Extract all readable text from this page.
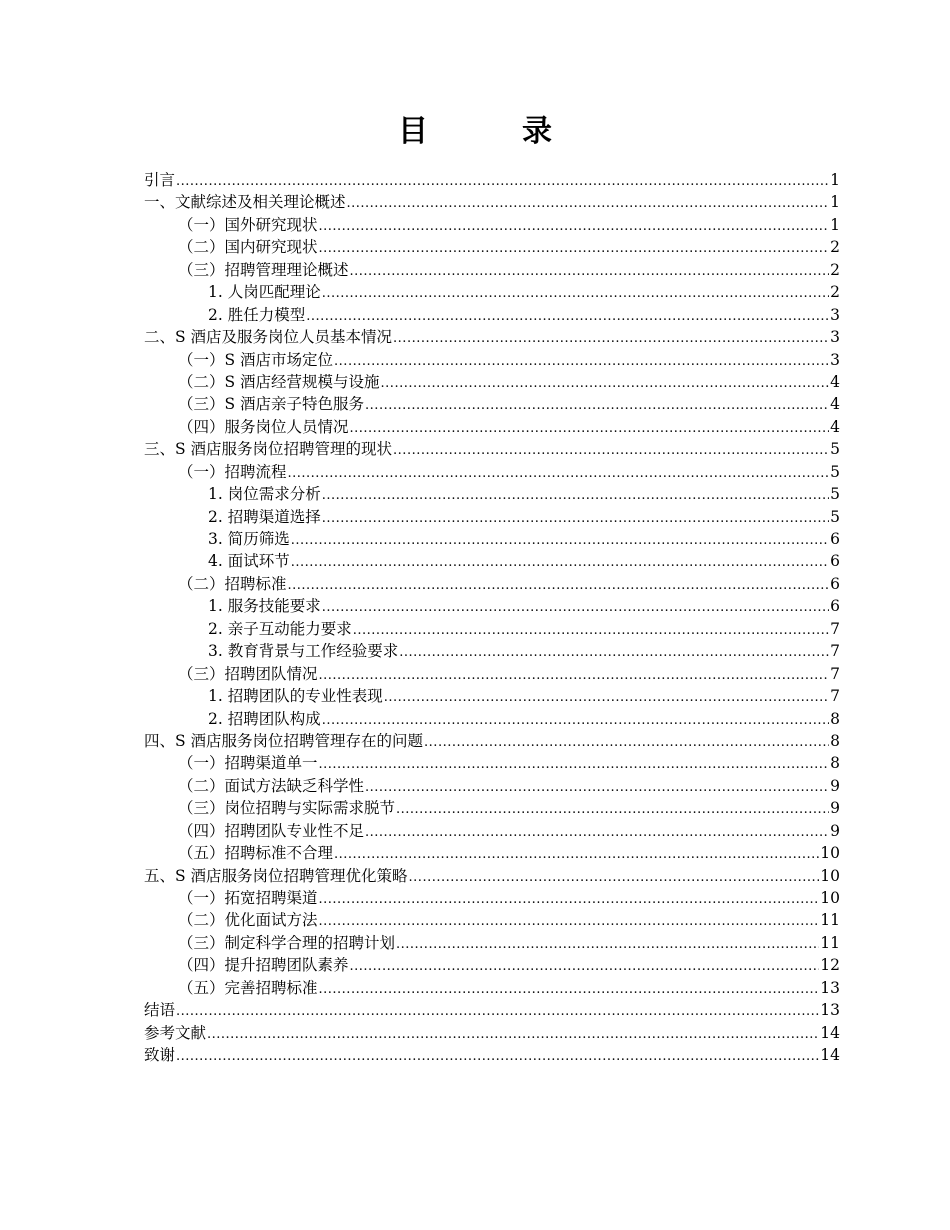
目　录
引言 .....	1
一、文献综述及相关理论概述 .....	1
（一）国外研究现状 .....	1
（二）国内研究现状 .....	2
（三）招聘管理理论概述 .....	2
1. 人岗匹配理论 .....	2
2. 胜任力模型 .....	3
二、S 酒店及服务岗位人员基本情况 .....	3
（一）S 酒店市场定位 .....	3
（二）S 酒店经营规模与设施 .....	4
（三）S 酒店亲子特色服务 .....	4
（四）服务岗位人员情况 .....	4
三、S 酒店服务岗位招聘管理的现状 .....	5
（一）招聘流程 .....	5
1. 岗位需求分析 .....	5
2. 招聘渠道选择 .....	5
3. 简历筛选 .....	6
4. 面试环节 .....	6
（二）招聘标准 .....	6
1. 服务技能要求 .....	6
2. 亲子互动能力要求 .....	7
3. 教育背景与工作经验要求 .....	7
（三）招聘团队情况 .....	7
1. 招聘团队的专业性表现 .....	7
2. 招聘团队构成 .....	8
四、S 酒店服务岗位招聘管理存在的问题 .....	8
（一）招聘渠道单一 .....	8
（二）面试方法缺乏科学性 .....	9
（三）岗位招聘与实际需求脱节 .....	9
（四）招聘团队专业性不足 .....	9
（五）招聘标准不合理 .....	10
五、S 酒店服务岗位招聘管理优化策略 .....	10
（一）拓宽招聘渠道 .....	10
（二）优化面试方法 .....	11
（三）制定科学合理的招聘计划 .....	11
（四）提升招聘团队素养 .....	12
（五）完善招聘标准 .....	13
结语 .....	13
参考文献 .....	14
致谢 .....	14
